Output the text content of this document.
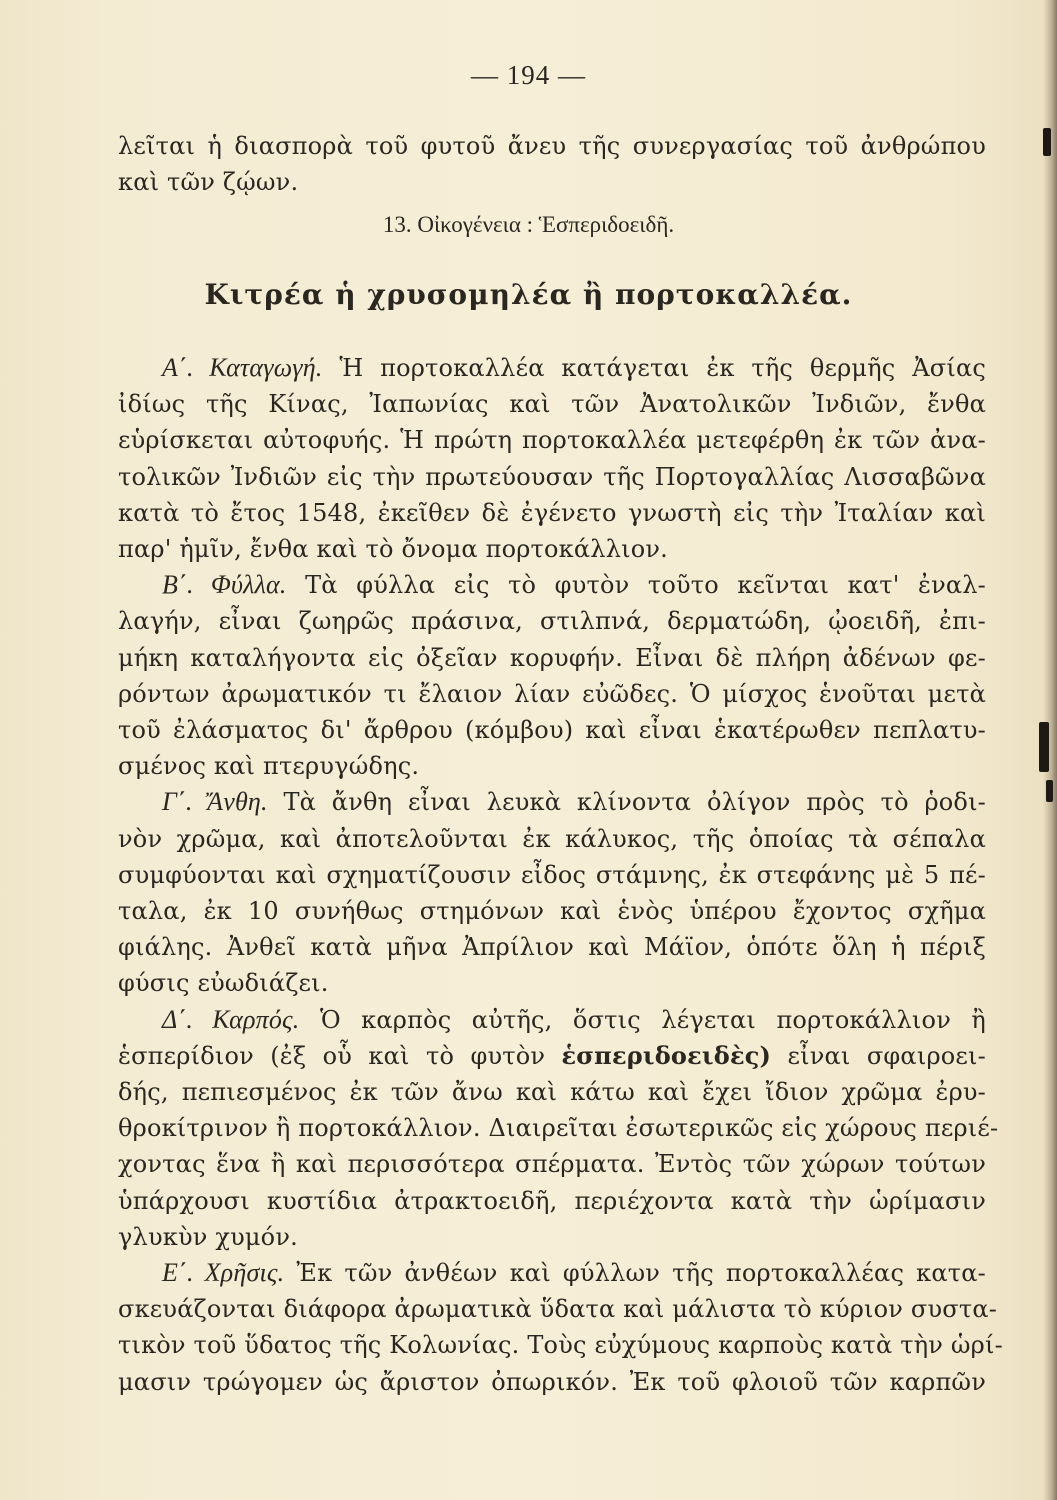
— 194 —
λεῖται ἡ διασπορὰ τοῦ φυτοῦ ἄνευ τῆς συνεργασίας τοῦ ἀνθρώπου
καὶ τῶν ζῴων.
13. Οἰκογένεια : Ἑσπεριδοειδῆ.
Κιτρέα ἡ χρυσομηλέα ἢ πορτοκαλλέα.
Α΄. Καταγωγή. Ἡ πορτοκαλλέα κατάγεται ἐκ τῆς θερμῆς Ἀσίας
ἰδίως τῆς Κίνας, Ἰαπωνίας καὶ τῶν Ἀνατολικῶν Ἰνδιῶν, ἔνθα
εὑρίσκεται αὐτοφυής. Ἡ πρώτη πορτοκαλλέα μετεφέρθη ἐκ τῶν ἀνα-
τολικῶν Ἰνδιῶν εἰς τὴν πρωτεύουσαν τῆς Πορτογαλλίας Λισσαβῶνα
κατὰ τὸ ἔτος 1548, ἐκεῖθεν δὲ ἐγένετο γνωστὴ εἰς τὴν Ἰταλίαν καὶ
παρ' ἡμῖν, ἔνθα καὶ τὸ ὄνομα πορτοκάλλιον.
Β΄. Φύλλα. Τὰ φύλλα εἰς τὸ φυτὸν τοῦτο κεῖνται κατ' ἐναλ-
λαγήν, εἶναι ζωηρῶς πράσινα, στιλπνά, δερματώδη, ᾠοειδῆ, ἐπι-
μήκη καταλήγοντα εἰς ὀξεῖαν κορυφήν. Εἶναι δὲ πλήρη ἀδένων φε-
ρόντων ἀρωματικόν τι ἔλαιον λίαν εὐῶδες. Ὁ μίσχος ἑνοῦται μετὰ
τοῦ ἐλάσματος δι' ἄρθρου (κόμβου) καὶ εἶναι ἑκατέρωθεν πεπλατυ-
σμένος καὶ πτερυγώδης.
Γ΄. Ἄνθη. Τὰ ἄνθη εἶναι λευκὰ κλίνοντα ὀλίγον πρὸς τὸ ῥοδι-
νὸν χρῶμα, καὶ ἀποτελοῦνται ἐκ κάλυκος, τῆς ὁποίας τὰ σέπαλα
συμφύονται καὶ σχηματίζουσιν εἶδος στάμνης, ἐκ στεφάνης μὲ 5 πέ-
ταλα, ἐκ 10 συνήθως στημόνων καὶ ἑνὸς ὑπέρου ἔχοντος σχῆμα
φιάλης. Ἀνθεῖ κατὰ μῆνα Ἀπρίλιον καὶ Μάϊον, ὁπότε ὅλη ἡ πέριξ
φύσις εὐωδιάζει.
Δ΄. Καρπός. Ὁ καρπὸς αὐτῆς, ὅστις λέγεται πορτοκάλλιον ἢ
ἑσπερίδιον (ἐξ οὗ καὶ τὸ φυτὸν ἑσπεριδοειδὲς) εἶναι σφαιροει-
δής, πεπιεσμένος ἐκ τῶν ἄνω καὶ κάτω καὶ ἔχει ἴδιον χρῶμα ἐρυ-
θροκίτρινον ἢ πορτοκάλλιον. Διαιρεῖται ἐσωτερικῶς εἰς χώρους περιέ-
χοντας ἕνα ἢ καὶ περισσότερα σπέρματα. Ἐντὸς τῶν χώρων τούτων
ὑπάρχουσι κυστίδια ἀτρακτοειδῆ, περιέχοντα κατὰ τὴν ὡρίμασιν
γλυκὺν χυμόν.
Ε΄. Χρῆσις. Ἐκ τῶν ἀνθέων καὶ φύλλων τῆς πορτοκαλλέας κατα-
σκευάζονται διάφορα ἀρωματικὰ ὕδατα καὶ μάλιστα τὸ κύριον συστα-
τικὸν τοῦ ὕδατος τῆς Κολωνίας. Τοὺς εὐχύμους καρποὺς κατὰ τὴν ὡρί-
μασιν τρώγομεν ὡς ἄριστον ὀπωρικόν. Ἐκ τοῦ φλοιοῦ τῶν καρπῶν
